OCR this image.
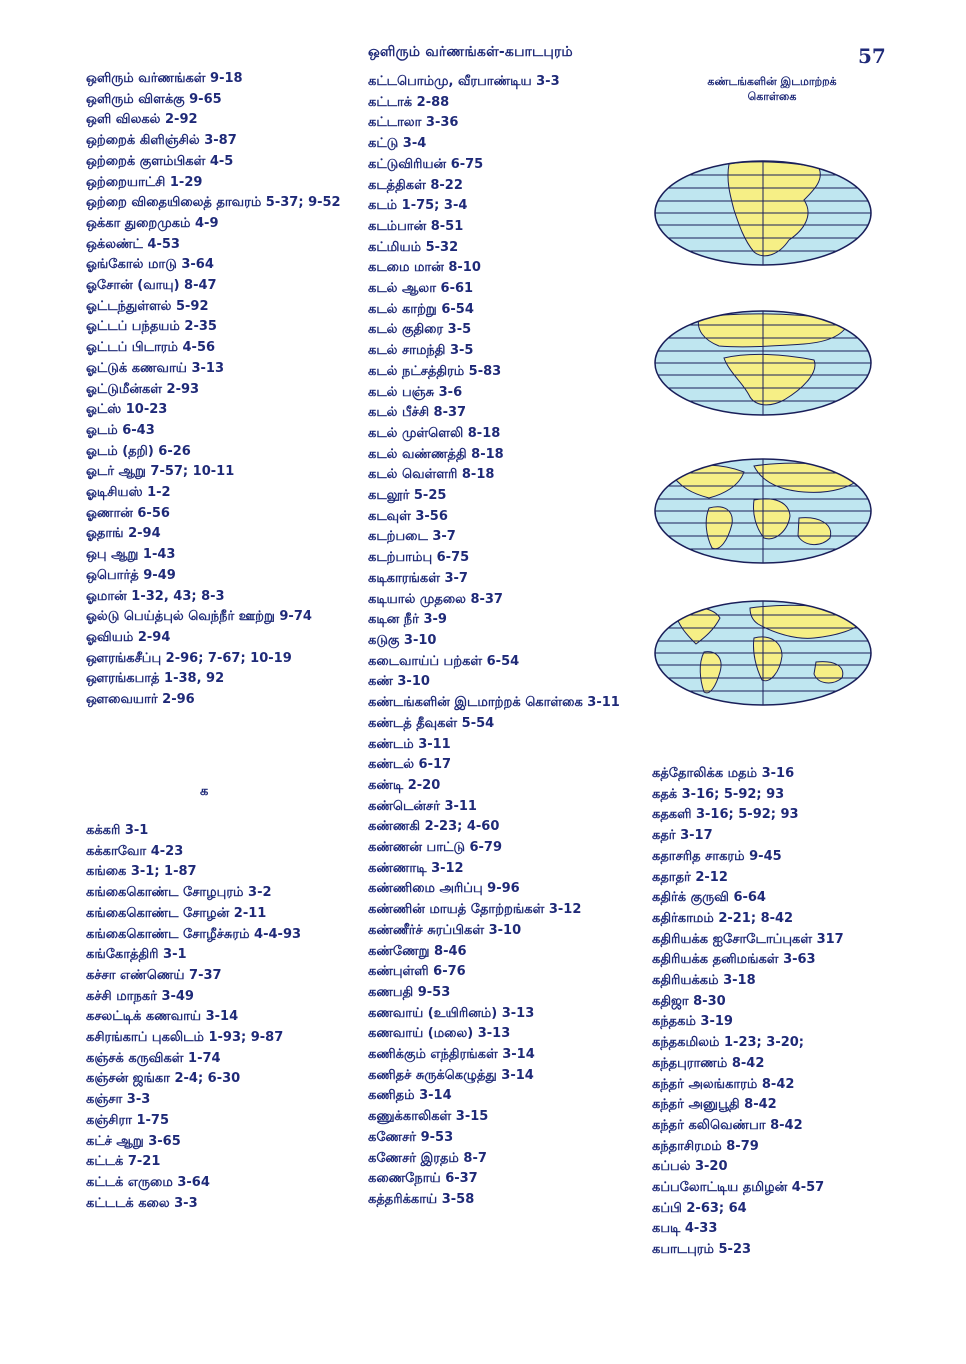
ஒளிரும் வர்ணங்கள்-கபாடபுரம்	57
ஒளிரும் வர்ணங்கள் 9-18
ஒளிரும் விளக்கு 9-65
ஒளி விலகல் 2-92
ஒற்றைக் கிளிஞ்சில் 3-87
ஒற்றைக் குளம்பிகள் 4-5
ஒற்றையாட்சி 1-29
ஒற்றை விதையிலைத் தாவரம் 5-37; 9-52
ஒக்கா துறைமுகம் 4-9
ஒக்லண்ட் 4-53
ஓங்கோல் மாடு 3-64
ஓசோன் (வாயு) 8-47
ஓட்டந்துள்ளல் 5-92
ஓட்டப் பந்தயம் 2-35
ஓட்டப் பிடாரம் 4-56
ஓட்டுக் கணவாய் 3-13
ஓட்டுமீன்கள் 2-93
ஓட்ஸ் 10-23
ஓடம் 6-43
ஓடம் (தறி) 6-26
ஓடர் ஆறு 7-57; 10-11
ஓடிசியஸ் 1-2
ஓணான் 6-56
ஓதாங் 2-94
ஒபு ஆறு 1-43
ஒபொர்த் 9-49
ஓமான் 1-32, 43; 8-3
ஓல்டு பெய்த்புல் வெந்நீர் ஊற்று 9-74
ஓவியம் 2-94
ஔரங்கசீப்பு 2-96; 7-67; 10-19
ஔரங்கபாத் 1-38, 92
ஔவையார் 2-96
க
கக்கரி 3-1
கக்காவோ 4-23
கங்கை 3-1; 1-87
கங்கைகொண்ட சோழபுரம் 3-2
கங்கைகொண்ட சோழன் 2-11
கங்கைகொண்ட சோழீச்சுரம் 4-4-93
கங்கோத்திரி 3-1
கச்சா எண்ணெய் 7-37
கச்சி மாநகர் 3-49
கசலட்டிக் கணவாய் 3-14
கசிரங்காப் புகலிடம் 1-93; 9-87
கஞ்சக் கருவிகள் 1-74
கஞ்சன் ஜங்கா 2-4; 6-30
கஞ்சா 3-3
கஞ்சிரா 1-75
கட்ச் ஆறு 3-65
கட்டக் 7-21
கட்டக் எருமை 3-64
கட்டடக் கலை 3-3
கட்டபொம்மு, வீரபாண்டிய 3-3
கட்டாக் 2-88
கட்டாலா 3-36
கட்டு 3-4
கட்டுவிரியன் 6-75
கடத்திகள் 8-22
கடம் 1-75; 3-4
கடம்பான் 8-51
கட்மியம் 5-32
கடமை மான் 8-10
கடல் ஆலா 6-61
கடல் காற்று 6-54
கடல் குதிரை 3-5
கடல் சாமந்தி 3-5
கடல் நட்சத்திரம் 5-83
கடல் பஞ்சு 3-6
கடல் பீச்சி 8-37
கடல் முள்ளெலி 8-18
கடல் வண்ணத்தி 8-18
கடல் வெள்ளரி 8-18
கடலூர் 5-25
கடவுள் 3-56
கடற்படை 3-7
கடற்பாம்பு 6-75
கடிகாரங்கள் 3-7
கடியால் முதலை 8-37
கடின நீர் 3-9
கடுகு 3-10
கடைவாய்ப் பற்கள் 6-54
கண் 3-10
கண்டங்களின் இடமாற்றக் கொள்கை 3-11
கண்டத் தீவுகள் 5-54
கண்டம் 3-11
கண்டல் 6-17
கண்டி 2-20
கண்டென்சர் 3-11
கண்ணகி 2-23; 4-60
கண்ணன் பாட்டு 6-79
கண்ணாடி 3-12
கண்ணிமை அரிப்பு 9-96
கண்ணின் மாயத் தோற்றங்கள் 3-12
கண்ணீர்ச் சுரப்பிகள் 3-10
கண்ணேறு 8-46
கண்புள்ளி 6-76
கணபதி 9-53
கணவாய் (உயிரினம்) 3-13
கணவாய் (மலை) 3-13
கணிக்கும் எந்திரங்கள் 3-14
கணிதச் சுருக்கெழுத்து 3-14
கணிதம் 3-14
கணுக்காலிகள் 3-15
கணேசர் 9-53
கணேசர் இரதம் 8-7
கணைநோய் 6-37
கத்தரிக்காய் 3-58
கண்டங்களின் இடமாற்றக்
கொள்கை
கத்தோலிக்க மதம் 3-16
கதக் 3-16; 5-92; 93
கதகளி 3-16; 5-92; 93
கதர் 3-17
கதாசரித சாகரம் 9-45
கதாதர் 2-12
கதிர்க் குருவி 6-64
கதிர்காமம் 2-21; 8-42
கதிரியக்க ஐசோடோப்புகள் 317
கதிரியக்க தனிமங்கள் 3-63
கதிரியக்கம் 3-18
கதிஜா 8-30
கந்தகம் 3-19
கந்தகமிலம் 1-23; 3-20;
கந்தபுராணம் 8-42
கந்தர் அலங்காரம் 8-42
கந்தர் அனுபூதி 8-42
கந்தர் கலிவெண்பா 8-42
கந்தாசிரமம் 8-79
கப்பல் 3-20
கப்பலோட்டிய தமிழன் 4-57
கப்பி 2-63; 64
கபடி 4-33
கபாடபுரம் 5-23
